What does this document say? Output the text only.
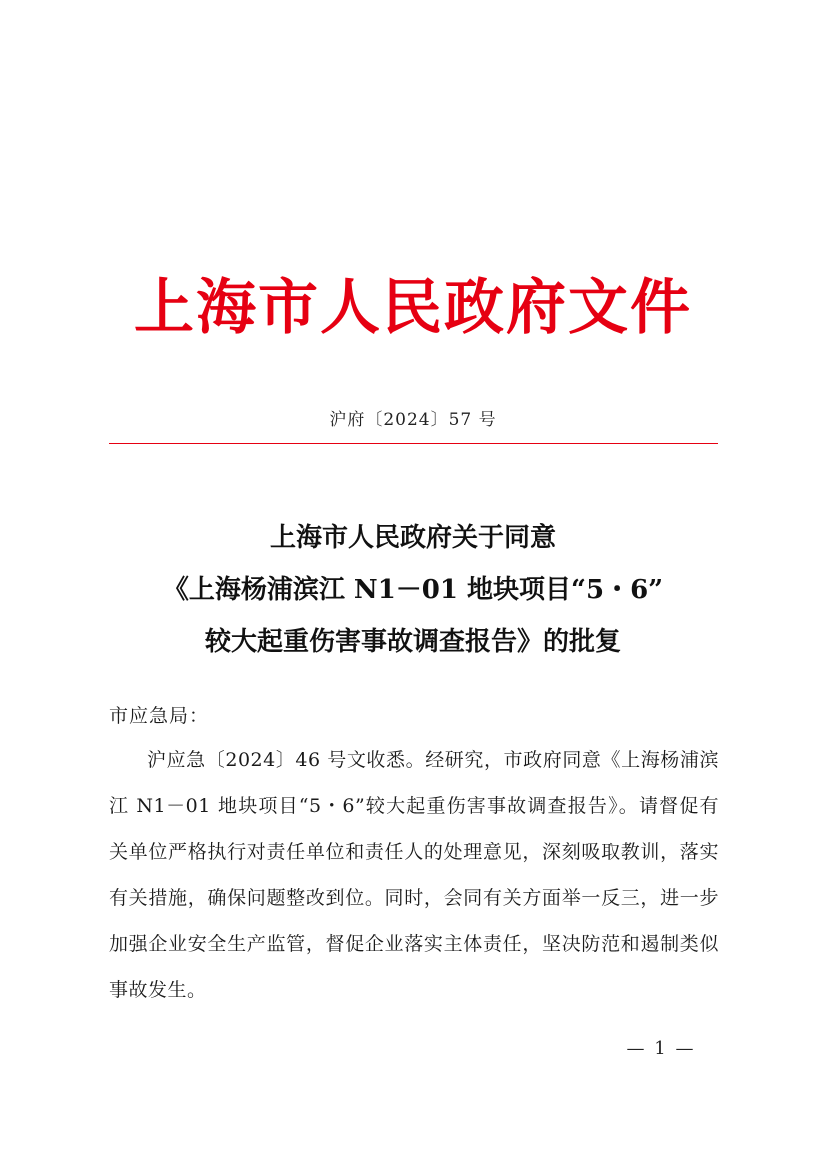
上海市人民政府文件
沪府〔2024〕57 号
上海市人民政府关于同意
《上海杨浦滨江 N1－01 地块项目“5・6”
较大起重伤害事故调查报告》的批复
市应急局：

沪应急〔2024〕46 号文收悉。经研究，市政府同意《上海杨浦滨江 N1－01 地块项目“5・6”较大起重伤害事故调查报告》。请督促有关单位严格执行对责任单位和责任人的处理意见，深刻吸取教训，落实有关措施，确保问题整改到位。同时，会同有关方面举一反三，进一步加强企业安全生产监管，督促企业落实主体责任，坚决防范和遏制类似事故发生。

— 1 —
